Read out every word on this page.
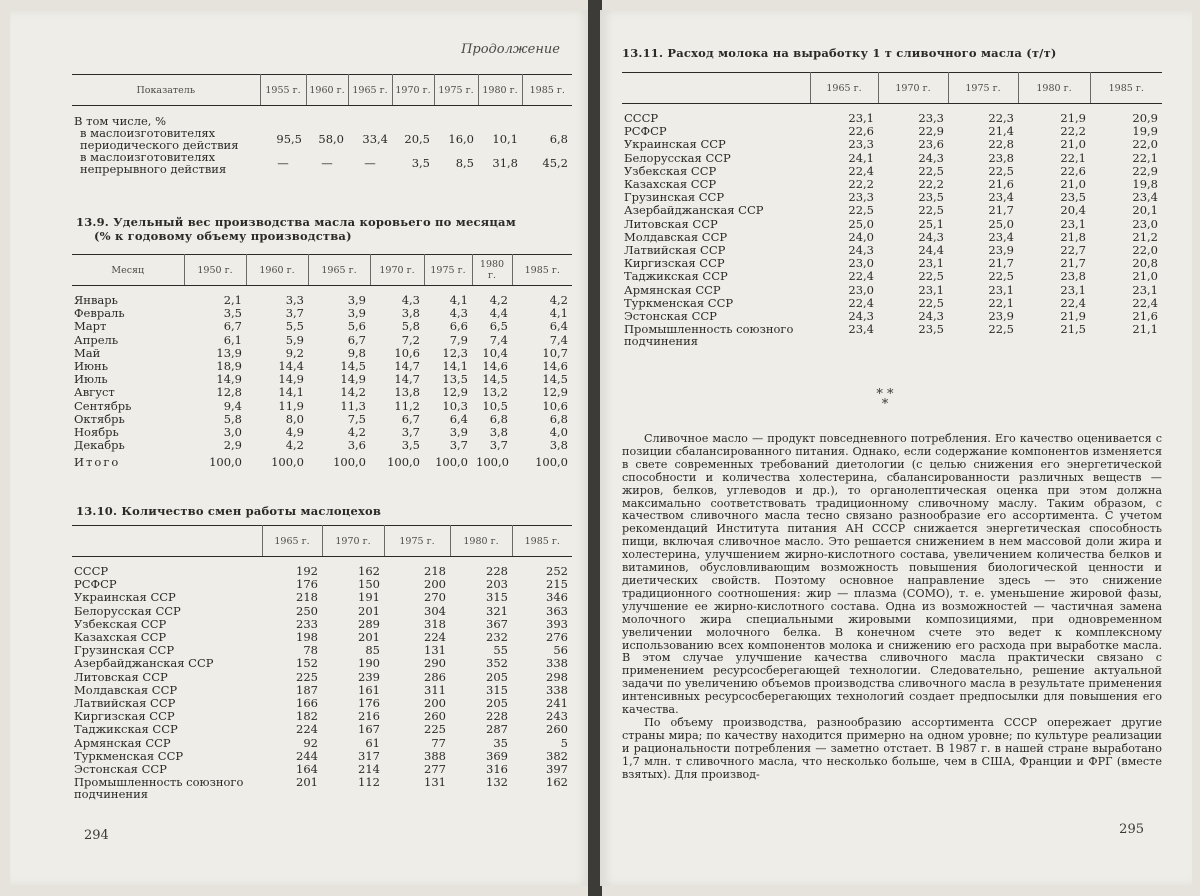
Продолжение
Показатель	1955 г.	1960 г.	1965 г.	1970 г.	1975 г.	1980 г.	1985 г.
В том числе, %							
в маслоизготовителях периодического действия	95,5	58,0	33,4	20,5	16,0	10,1	6,8
в маслоизготовителях непрерывного действия	—	—	—	3,5	8,5	31,8	45,2
13.9. Удельный вес производства масла коровьего по месяцам
(% к годовому объему производства)
Месяц	1950 г.	1960 г.	1965 г.	1970 г.	1975 г.	1980 г.	1985 г.
Январь	2,1	3,3	3,9	4,3	4,1	4,2	4,2
Февраль	3,5	3,7	3,9	3,8	4,3	4,4	4,1
Март	6,7	5,5	5,6	5,8	6,6	6,5	6,4
Апрель	6,1	5,9	6,7	7,2	7,9	7,4	7,4
Май	13,9	9,2	9,8	10,6	12,3	10,4	10,7
Июнь	18,9	14,4	14,5	14,7	14,1	14,6	14,6
Июль	14,9	14,9	14,9	14,7	13,5	14,5	14,5
Август	12,8	14,1	14,2	13,8	12,9	13,2	12,9
Сентябрь	9,4	11,9	11,3	11,2	10,3	10,5	10,6
Октябрь	5,8	8,0	7,5	6,7	6,4	6,8	6,8
Ноябрь	3,0	4,9	4,2	3,7	3,9	3,8	4,0
Декабрь	2,9	4,2	3,6	3,5	3,7	3,7	3,8
Итого	100,0	100,0	100,0	100,0	100,0	100,0	100,0
13.10. Количество смен работы маслоцехов
	1965 г.	1970 г.	1975 г.	1980 г.	1985 г.
СССР	192	162	218	228	252
РСФСР	176	150	200	203	215
Украинская ССР	218	191	270	315	346
Белорусская ССР	250	201	304	321	363
Узбекская ССР	233	289	318	367	393
Казахская ССР	198	201	224	232	276
Грузинская ССР	78	85	131	55	56
Азербайджанская ССР	152	190	290	352	338
Литовская ССР	225	239	286	205	298
Молдавская ССР	187	161	311	315	338
Латвийская ССР	166	176	200	205	241
Киргизская ССР	182	216	260	228	243
Таджикская ССР	224	167	225	287	260
Армянская ССР	92	61	77	35	5
Туркменская ССР	244	317	388	369	382
Эстонская ССР	164	214	277	316	397
Промышленность союзного подчинения	201	112	131	132	162
294
13.11. Расход молока на выработку 1 т сливочного масла (т/т)
	1965 г.	1970 г.	1975 г.	1980 г.	1985 г.
СССР	23,1	23,3	22,3	21,9	20,9
РСФСР	22,6	22,9	21,4	22,2	19,9
Украинская ССР	23,3	23,6	22,8	21,0	22,0
Белорусская ССР	24,1	24,3	23,8	22,1	22,1
Узбекская ССР	22,4	22,5	22,5	22,6	22,9
Казахская ССР	22,2	22,2	21,6	21,0	19,8
Грузинская ССР	23,3	23,5	23,4	23,5	23,4
Азербайджанская ССР	22,5	22,5	21,7	20,4	20,1
Литовская ССР	25,0	25,1	25,0	23,1	23,0
Молдавская ССР	24,0	24,3	23,4	21,8	21,2
Латвийская ССР	24,3	24,4	23,9	22,7	22,0
Киргизская ССР	23,0	23,1	21,7	21,7	20,8
Таджикская ССР	22,4	22,5	22,5	23,8	21,0
Армянская ССР	23,0	23,1	23,1	23,1	23,1
Туркменская ССР	22,4	22,5	22,1	22,4	22,4
Эстонская ССР	24,3	24,3	23,9	21,9	21,6
Промышленность союзного подчинения	23,4	23,5	22,5	21,5	21,1
* *
*

Сливочное масло — продукт повседневного потребления. Его качество оценивается с позиции сбалансированного питания. Однако, если содержание компонентов изменяется в свете современных требований диетологии (с целью снижения его энергетической способности и количества холестерина, сбалансированности различных веществ — жиров, белков, углеводов и др.), то органолептическая оценка при этом должна максимально соответствовать традиционному сливочному маслу. Таким образом, с качеством сливочного масла тесно связано разнообразие его ассортимента. С учетом рекомендаций Института питания АН СССР снижается энергетическая способность пищи, включая сливочное масло. Это решается снижением в нем массовой доли жира и холестерина, улучшением жирно-кислотного состава, увеличением количества белков и витаминов, обусловливающим возможность повышения биологической ценности и диетических свойств. Поэтому основное направление здесь — это снижение традиционного соотношения: жир — плазма (СОМО), т. е. уменьшение жировой фазы, улучшение ее жирно-кислотного состава. Одна из возможностей — частичная замена молочного жира специальными жировыми композициями, при одновременном увеличении молочного белка. В конечном счете это ведет к комплексному использованию всех компонентов молока и снижению его расхода при выработке масла. В этом случае улучшение качества сливочного масла практически связано с применением ресурсосберегающей технологии. Следовательно, решение актуальной задачи по увеличению объемов производства сливочного масла в результате применения интенсивных ресурсосберегающих технологий создает предпосылки для повышения его качества.

По объему производства, разнообразию ассортимента СССР опережает другие страны мира; по качеству находится примерно на одном уровне; по культуре реализации и рациональности потребления — заметно отстает. В 1987 г. в нашей стране выработано 1,7 млн. т сливочного масла, что несколько больше, чем в США, Франции и ФРГ (вместе взятых). Для производ-

295
